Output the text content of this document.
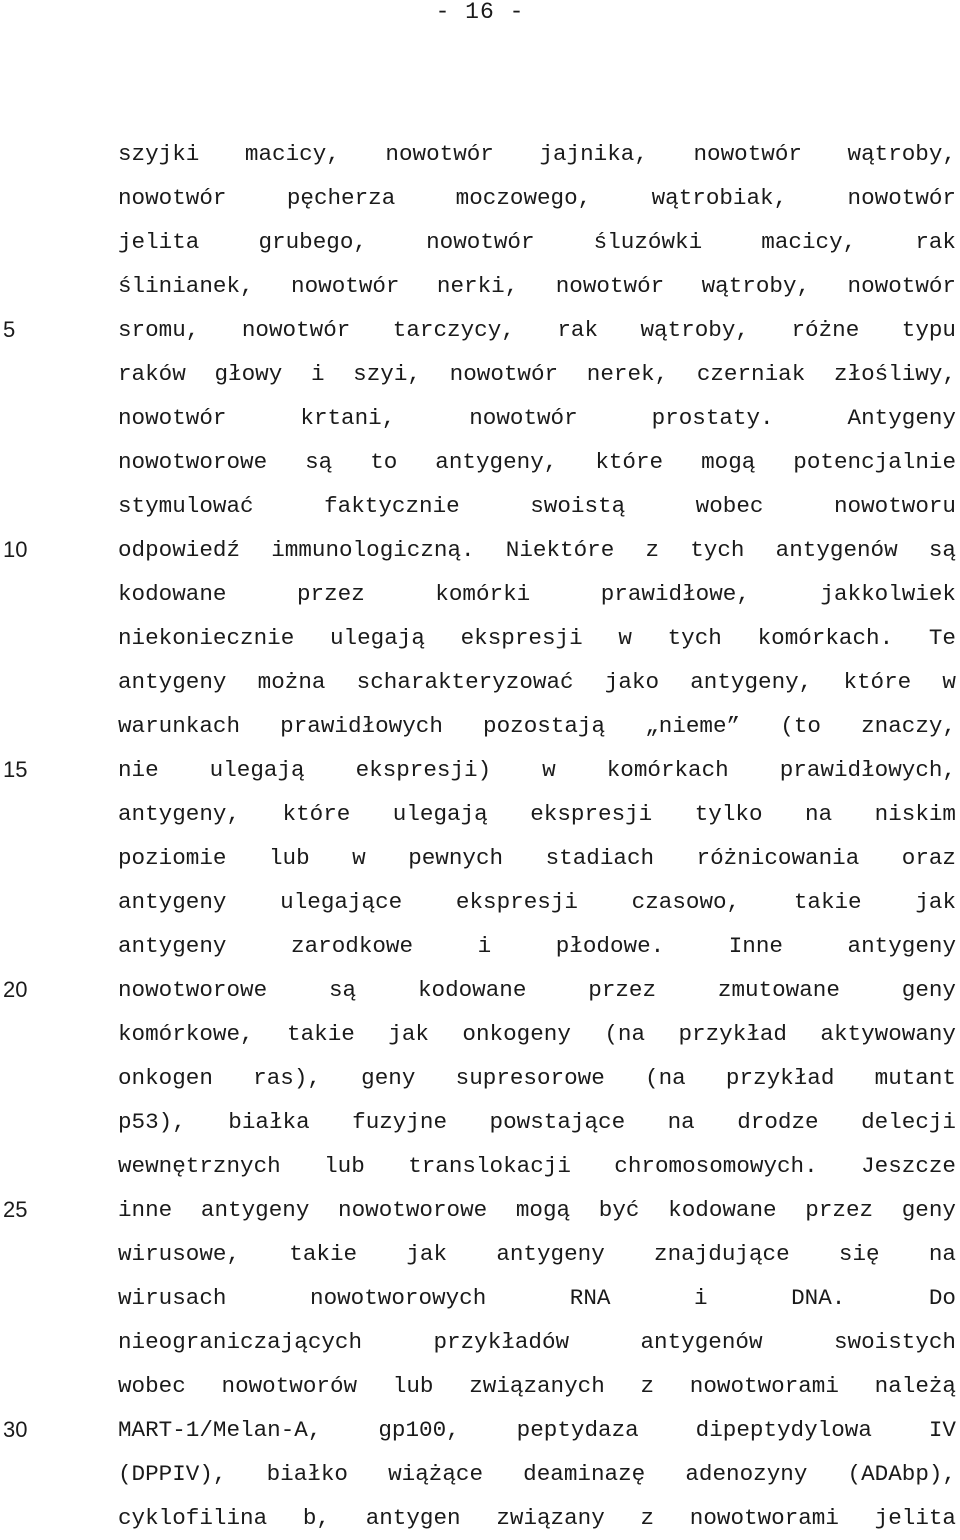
- 16 -
5
10
15
20
25
30
szyjki macicy, nowotwór jajnika, nowotwór wątroby,
nowotwór pęcherza moczowego, wątrobiak, nowotwór
jelita grubego, nowotwór śluzówki macicy, rak
ślinianek, nowotwór nerki, nowotwór wątroby, nowotwór
sromu, nowotwór tarczycy, rak wątroby, różne typu
raków głowy i szyi, nowotwór nerek, czerniak złośliwy,
nowotwór krtani, nowotwór prostaty. Antygeny
nowotworowe są to antygeny, które mogą potencjalnie
stymulować faktycznie swoistą wobec nowotworu
odpowiedź immunologiczną. Niektóre z tych antygenów są
kodowane przez komórki prawidłowe, jakkolwiek
niekoniecznie ulegają ekspresji w tych komórkach. Te
antygeny można scharakteryzować jako antygeny, które w
warunkach prawidłowych pozostają „nieme” (to znaczy,
nie ulegają ekspresji) w komórkach prawidłowych,
antygeny, które ulegają ekspresji tylko na niskim
poziomie lub w pewnych stadiach różnicowania oraz
antygeny ulegające ekspresji czasowo, takie jak
antygeny zarodkowe i płodowe. Inne antygeny
nowotworowe są kodowane przez zmutowane geny
komórkowe, takie jak onkogeny (na przykład aktywowany
onkogen ras), geny supresorowe (na przykład mutant
p53), białka fuzyjne powstające na drodze delecji
wewnętrznych lub translokacji chromosomowych. Jeszcze
inne antygeny nowotworowe mogą być kodowane przez geny
wirusowe, takie jak antygeny znajdujące się na
wirusach nowotworowych RNA i DNA. Do
nieograniczających przykładów antygenów swoistych
wobec nowotworów lub związanych z nowotworami należą
MART-1/Melan-A, gp100, peptydaza dipeptydylowa IV
(DPPIV), białko wiążące deaminazę adenozyny (ADAbp),
cyklofilina b, antygen związany z nowotworami jelita
